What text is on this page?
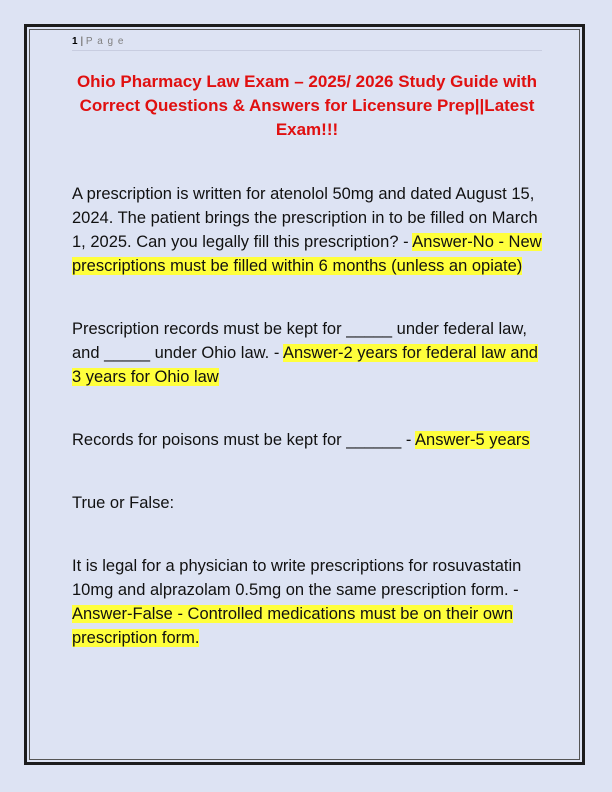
1 | P a g e
Ohio Pharmacy Law Exam – 2025/ 2026 Study Guide with Correct Questions & Answers for Licensure Prep||Latest Exam!!!

A prescription is written for atenolol 50mg and dated August 15, 2024. The patient brings the prescription in to be filled on March 1, 2025. Can you legally fill this prescription? - Answer-No - New prescriptions must be filled within 6 months (unless an opiate)

Prescription records must be kept for _____ under federal law, and _____ under Ohio law. - Answer-2 years for federal law and 3 years for Ohio law

Records for poisons must be kept for ______ - Answer-5 years

True or False:

It is legal for a physician to write prescriptions for rosuvastatin 10mg and alprazolam 0.5mg on the same prescription form. - Answer-False - Controlled medications must be on their own prescription form.
